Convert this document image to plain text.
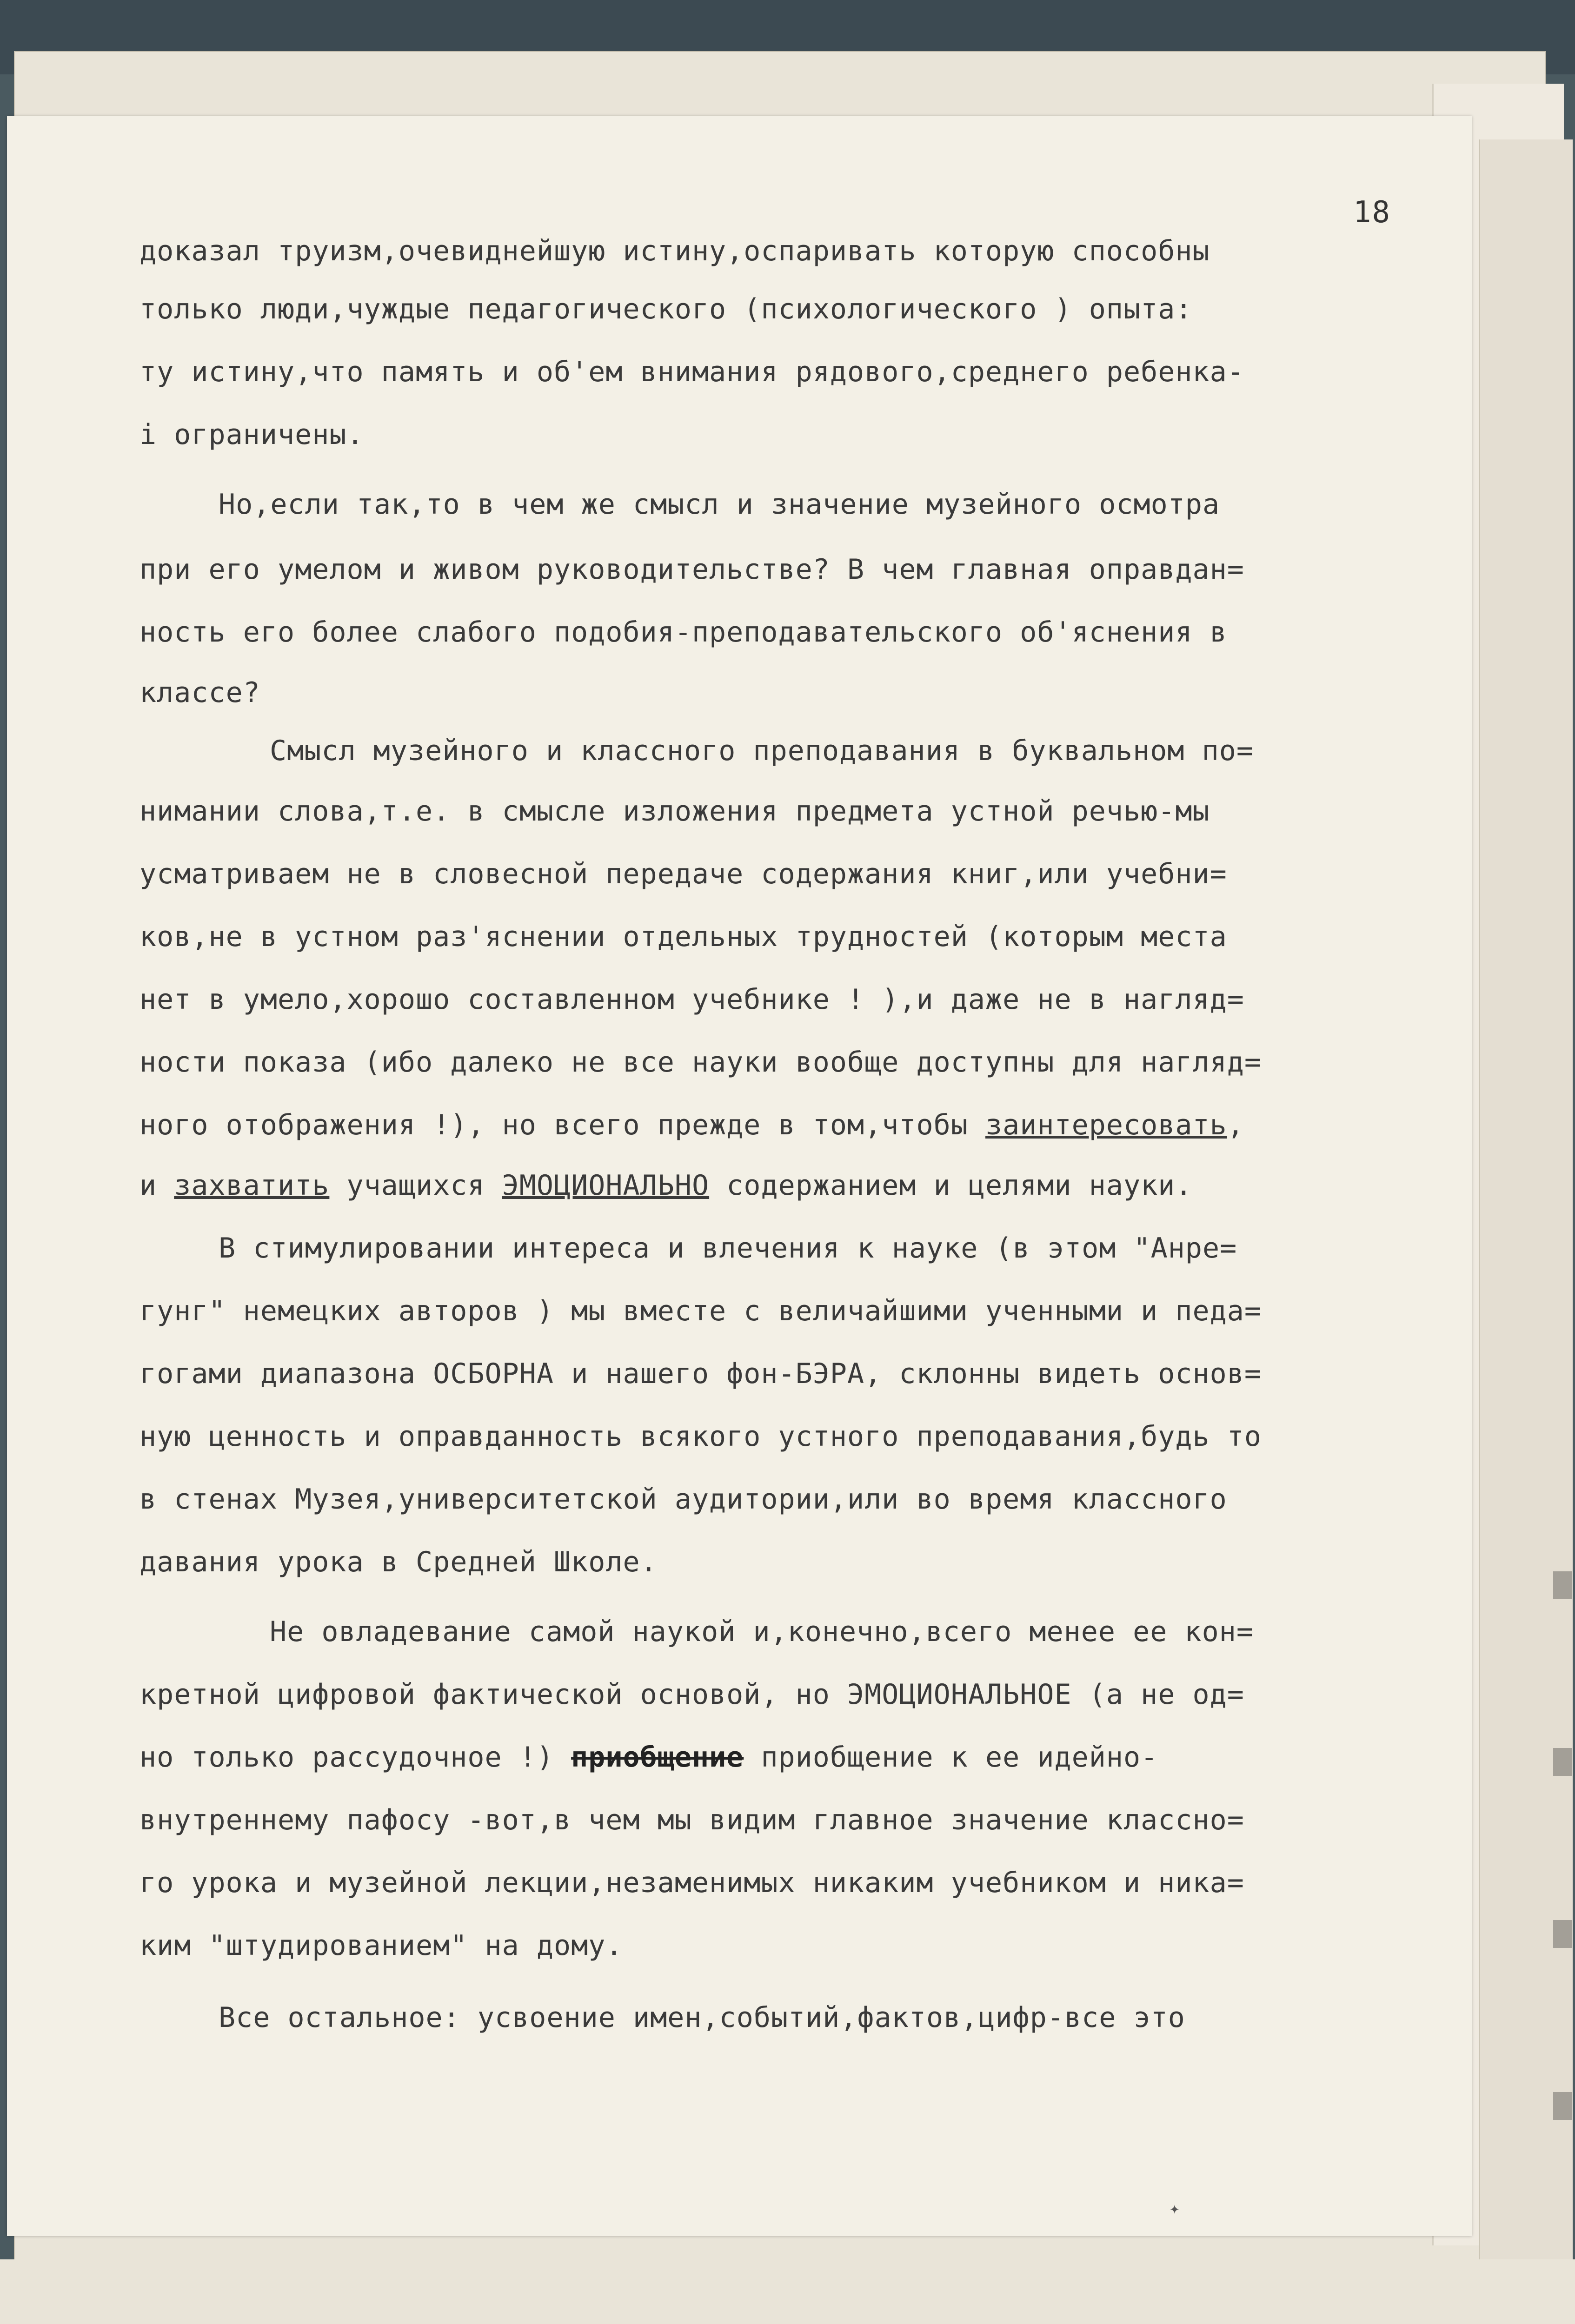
18
доказал труизм,очевиднейшую истину,оспаривать которую способны
только люди,чуждые педагогического (психологического ) опыта:
ту истину,что память и об'ем внимания рядового,среднего ребенка-
і ограничены.
Но,если так,то в чем же смысл и значение музейного осмотра
при его умелом и живом руководительстве? В чем главная оправдан=
ность его более слабого подобия-преподавательского об'яснения в
классе?
Смысл музейного и классного преподавания в буквальном по=
нимании слова,т.е. в смысле изложения предмета устной речью-мы
усматриваем не в словесной передаче содержания книг,или учебни=
ков,не в устном раз'яснении отдельных трудностей (которым места
нет в умело,хорошо составленном учебнике ! ),и даже не в нагляд=
ности показа (ибо далеко не все науки вообще доступны для нагляд=
ного отображения !), но всего прежде в том,чтобы заинтересовать,
и захватить учащихся ЭМОЦИОНАЛЬНО содержанием и целями науки.
В стимулировании интереса и влечения к науке (в этом "Анре=
гунг" немецких авторов ) мы вместе с величайшими ученными и педа=
гогами диапазона ОСБОРНА и нашего фон-БЭРА, склонны видеть основ=
ную ценность и оправданность всякого устного преподавания,будь то
в стенах Музея,университетской аудитории,или во время классного
давания урока в Средней Школе.
Не овладевание самой наукой и,конечно,всего менее ее кон=
кретной цифровой фактической основой, но ЭМОЦИОНАЛЬНОЕ (а не од=
но только рассудочное !) приобщение приобщение к ее идейно-
внутреннему пафосу -вот,в чем мы видим главное значение классно=
го урока и музейной лекции,незаменимых никаким учебником и ника=
ким "штудированием" на дому.
Все остальное: усвоение имен,событий,фактов,цифр-все это
✦
